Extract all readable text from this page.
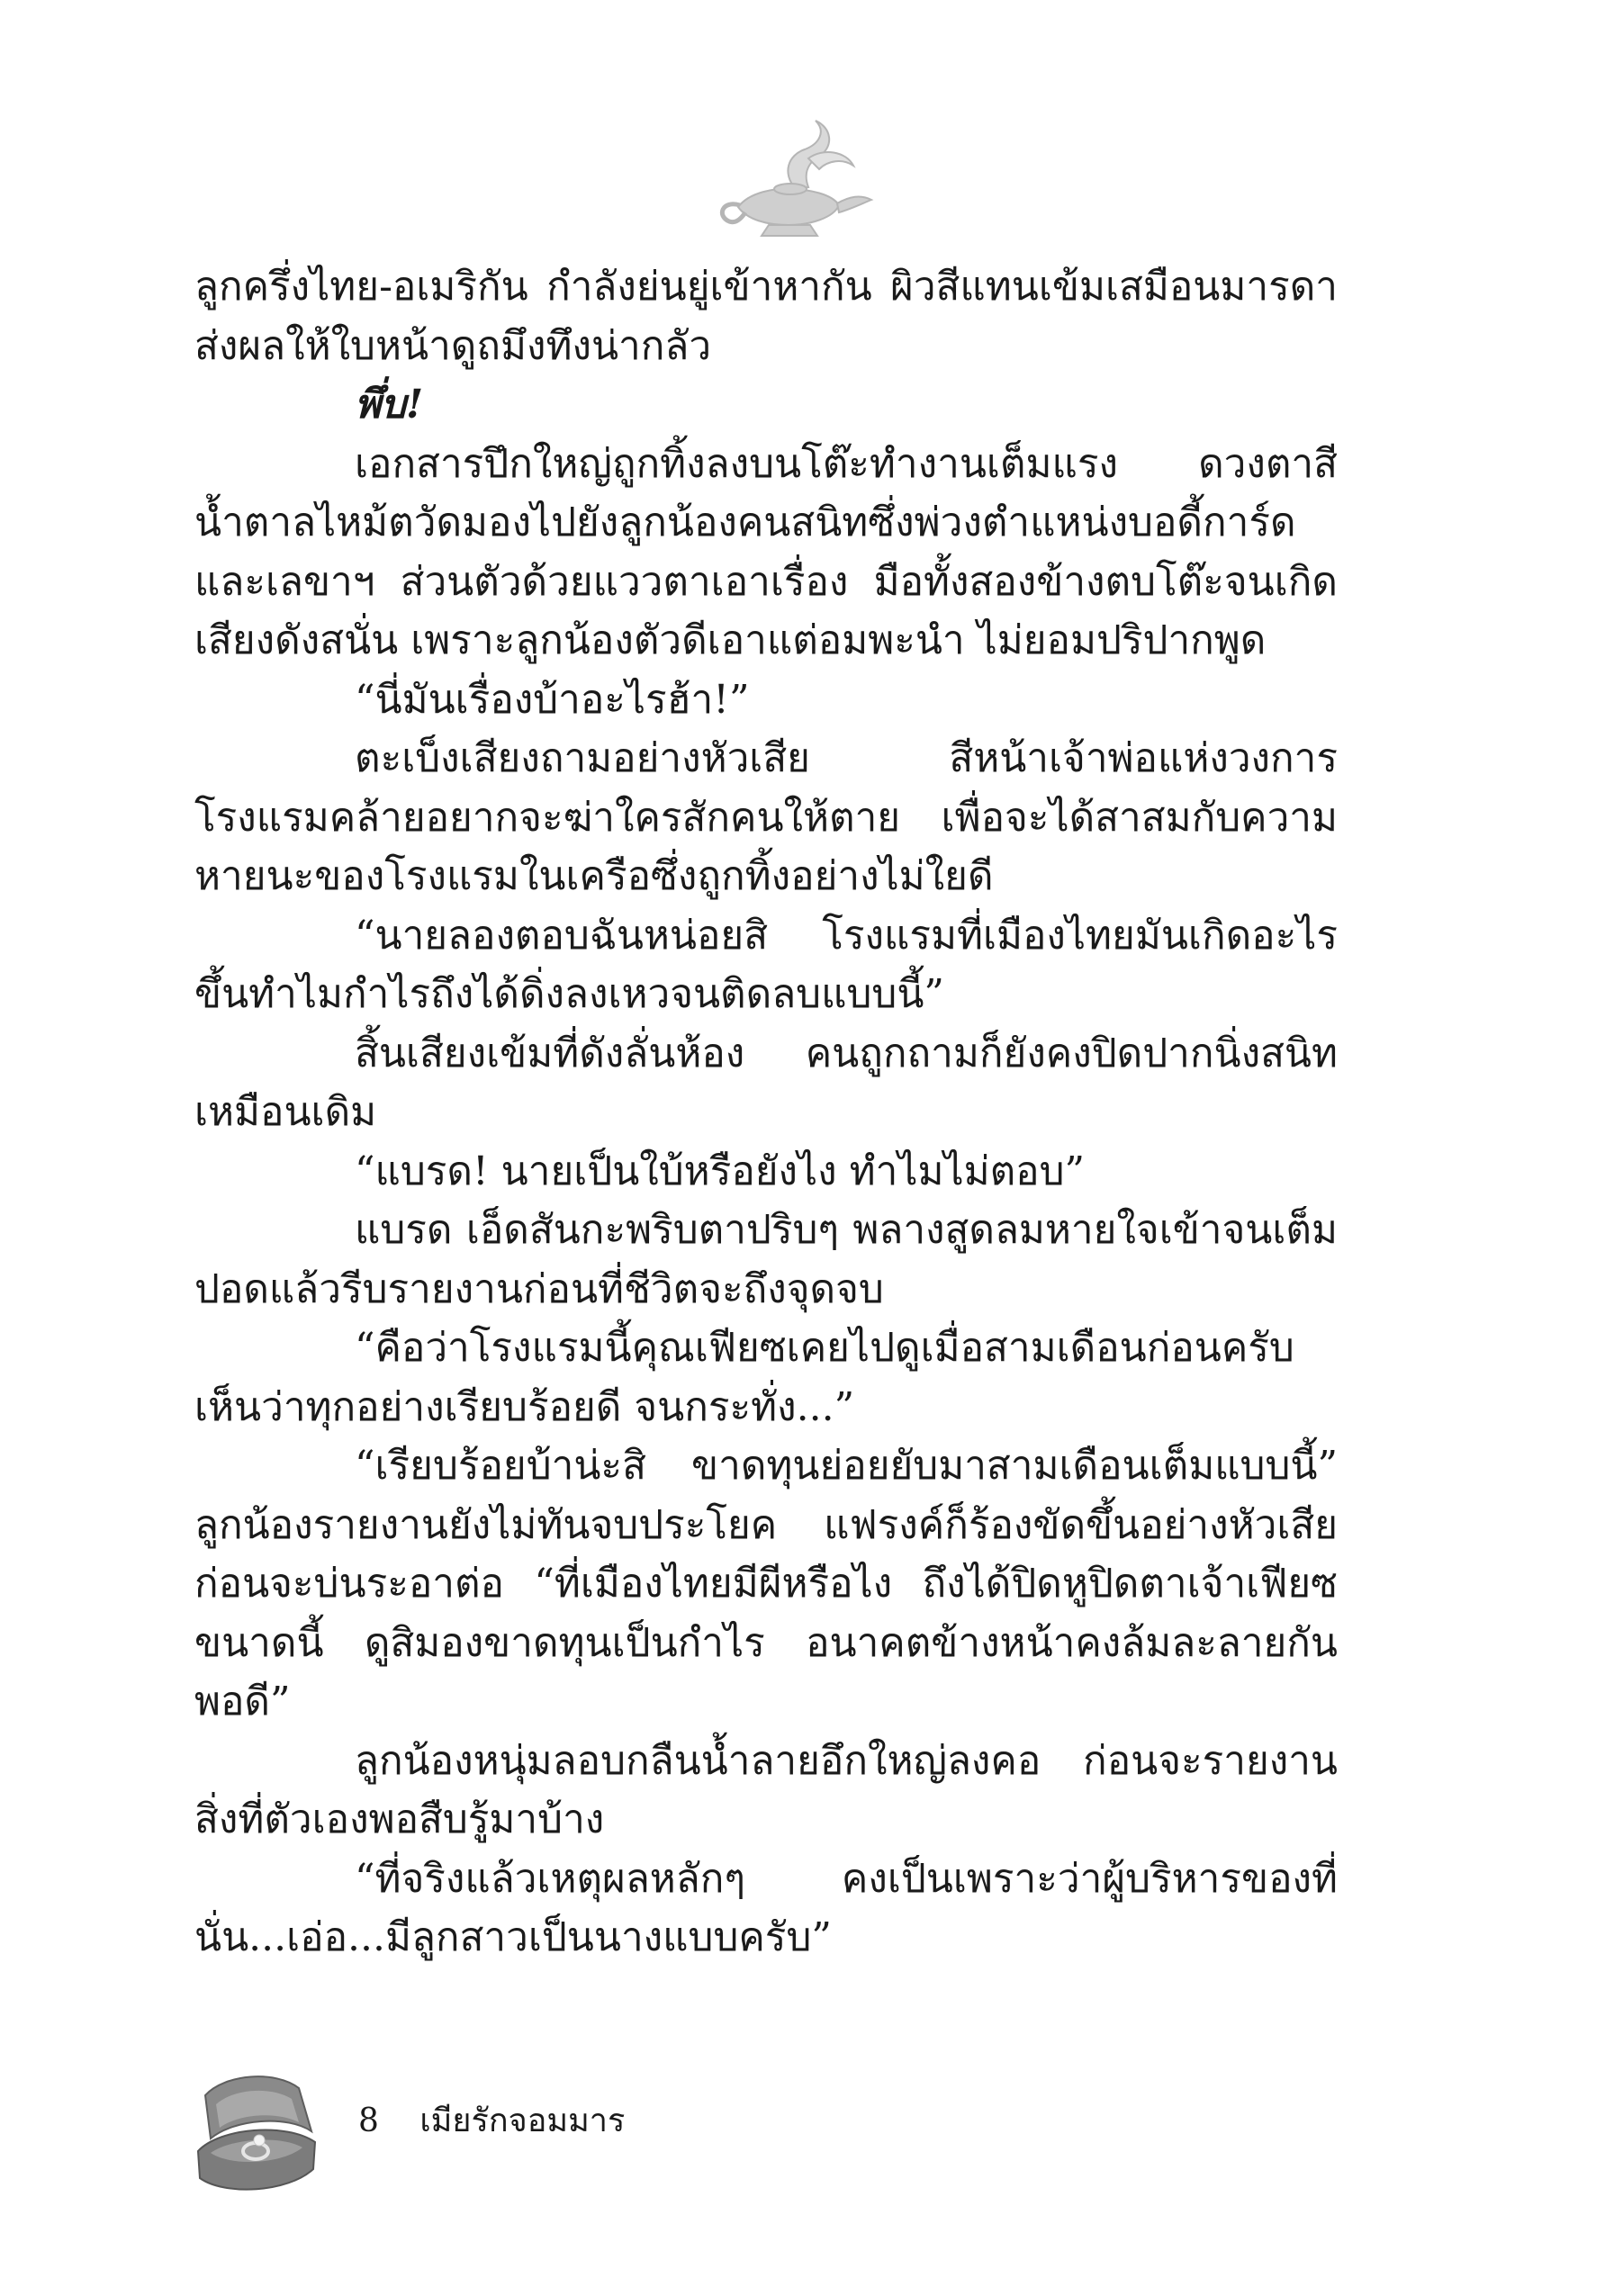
ลูกครึ่งไทย-อเมริกัน กำลังย่นยู่เข้าหากัน ผิวสีแทนเข้มเสมือนมารดาส่งผลให้ใบหน้าดูถมึงทึงน่ากลัว

พึ่บ!

เอกสารปึกใหญ่ถูกทิ้งลงบนโต๊ะทำงานเต็มแรง ดวงตาสีน้ำตาลไหม้ตวัดมองไปยังลูกน้องคนสนิทซึ่งพ่วงตำแหน่งบอดี้การ์ดและเลขาฯ ส่วนตัวด้วยแววตาเอาเรื่อง มือทั้งสองข้างตบโต๊ะจนเกิดเสียงดังสนั่น เพราะลูกน้องตัวดีเอาแต่อมพะนำ ไม่ยอมปริปากพูด

“นี่มันเรื่องบ้าอะไรฮ้า!”

ตะเบ็งเสียงถามอย่างหัวเสีย สีหน้าเจ้าพ่อแห่งวงการโรงแรมคล้ายอยากจะฆ่าใครสักคนให้ตาย เพื่อจะได้สาสมกับความหายนะของโรงแรมในเครือซึ่งถูกทิ้งอย่างไม่ใยดี

“นายลองตอบฉันหน่อยสิ โรงแรมที่เมืองไทยมันเกิดอะไรขึ้นทำไมกำไรถึงได้ดิ่งลงเหวจนติดลบแบบนี้”

สิ้นเสียงเข้มที่ดังลั่นห้อง คนถูกถามก็ยังคงปิดปากนิ่งสนิทเหมือนเดิม

“แบรด! นายเป็นใบ้หรือยังไง ทำไมไม่ตอบ”

แบรด เอ็ดสันกะพริบตาปริบๆ พลางสูดลมหายใจเข้าจนเต็มปอดแล้วรีบรายงานก่อนที่ชีวิตจะถึงจุดจบ

“คือว่าโรงแรมนี้คุณเฟียซเคยไปดูเมื่อสามเดือนก่อนครับเห็นว่าทุกอย่างเรียบร้อยดี จนกระทั่ง...”

“เรียบร้อยบ้าน่ะสิ ขาดทุนย่อยยับมาสามเดือนเต็มแบบนี้” ลูกน้องรายงานยังไม่ทันจบประโยค แฟรงค์ก็ร้องขัดขึ้นอย่างหัวเสียก่อนจะบ่นระอาต่อ “ที่เมืองไทยมีผีหรือไง ถึงได้ปิดหูปิดตาเจ้าเฟียซขนาดนี้ ดูสิมองขาดทุนเป็นกำไร อนาคตข้างหน้าคงล้มละลายกันพอดี”

ลูกน้องหนุ่มลอบกลืนน้ำลายอึกใหญ่ลงคอ ก่อนจะรายงานสิ่งที่ตัวเองพอสืบรู้มาบ้าง

“ที่จริงแล้วเหตุผลหลักๆ คงเป็นเพราะว่าผู้บริหารของที่นั่น...เอ่อ...มีลูกสาวเป็นนางแบบครับ”

8 เมียรักจอมมาร
